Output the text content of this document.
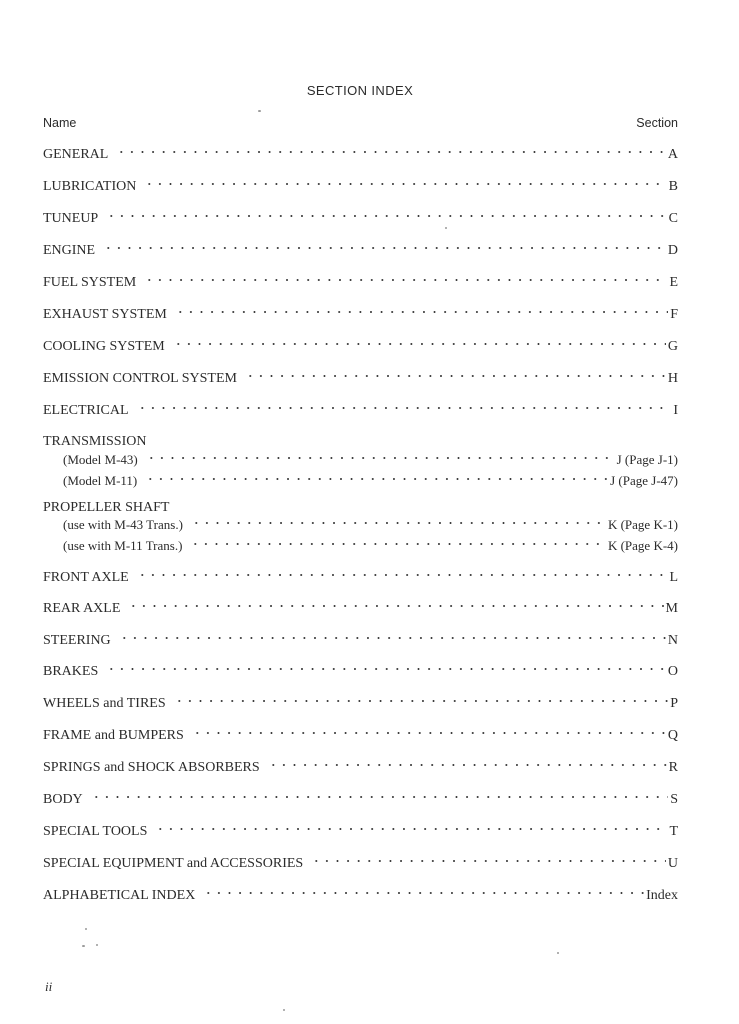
SECTION INDEX
Name	Section
GENERAL	A
LUBRICATION	B
TUNEUP	C
ENGINE	D
FUEL SYSTEM	E
EXHAUST SYSTEM	F
COOLING SYSTEM	G
EMISSION CONTROL SYSTEM	H
ELECTRICAL	I
TRANSMISSION
(Model M-43)	J (Page J-1)
(Model M-11)	J (Page J-47)
PROPELLER SHAFT
(use with M-43 Trans.)	K (Page K-1)
(use with M-11 Trans.)	K (Page K-4)
FRONT AXLE	L
REAR AXLE	M
STEERING	N
BRAKES	O
WHEELS and TIRES	P
FRAME and BUMPERS	Q
SPRINGS and SHOCK ABSORBERS	R
BODY	S
SPECIAL TOOLS	T
SPECIAL EQUIPMENT and ACCESSORIES	U
ALPHABETICAL INDEX	Index
ii
